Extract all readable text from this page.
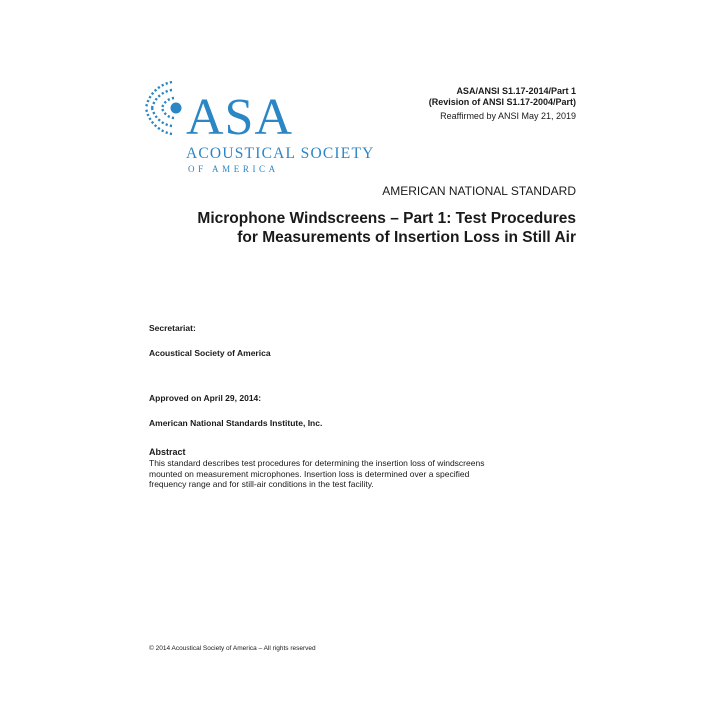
ASA
ACOUSTICAL SOCIETY
OF AMERICA
ASA/ANSI S1.17-2014/Part 1
(Revision of ANSI S1.17-2004/Part)
Reaffirmed by ANSI May 21, 2019
AMERICAN NATIONAL STANDARD
Microphone Windscreens – Part 1: Test Procedures
for Measurements of Insertion Loss in Still Air
Secretariat:
Acoustical Society of America
Approved on April 29, 2014:
American National Standards Institute, Inc.
Abstract
This standard describes test procedures for determining the insertion loss of windscreens
mounted on measurement microphones. Insertion loss is determined over a specified
frequency range and for still-air conditions in the test facility.
© 2014 Acoustical Society of America – All rights reserved
